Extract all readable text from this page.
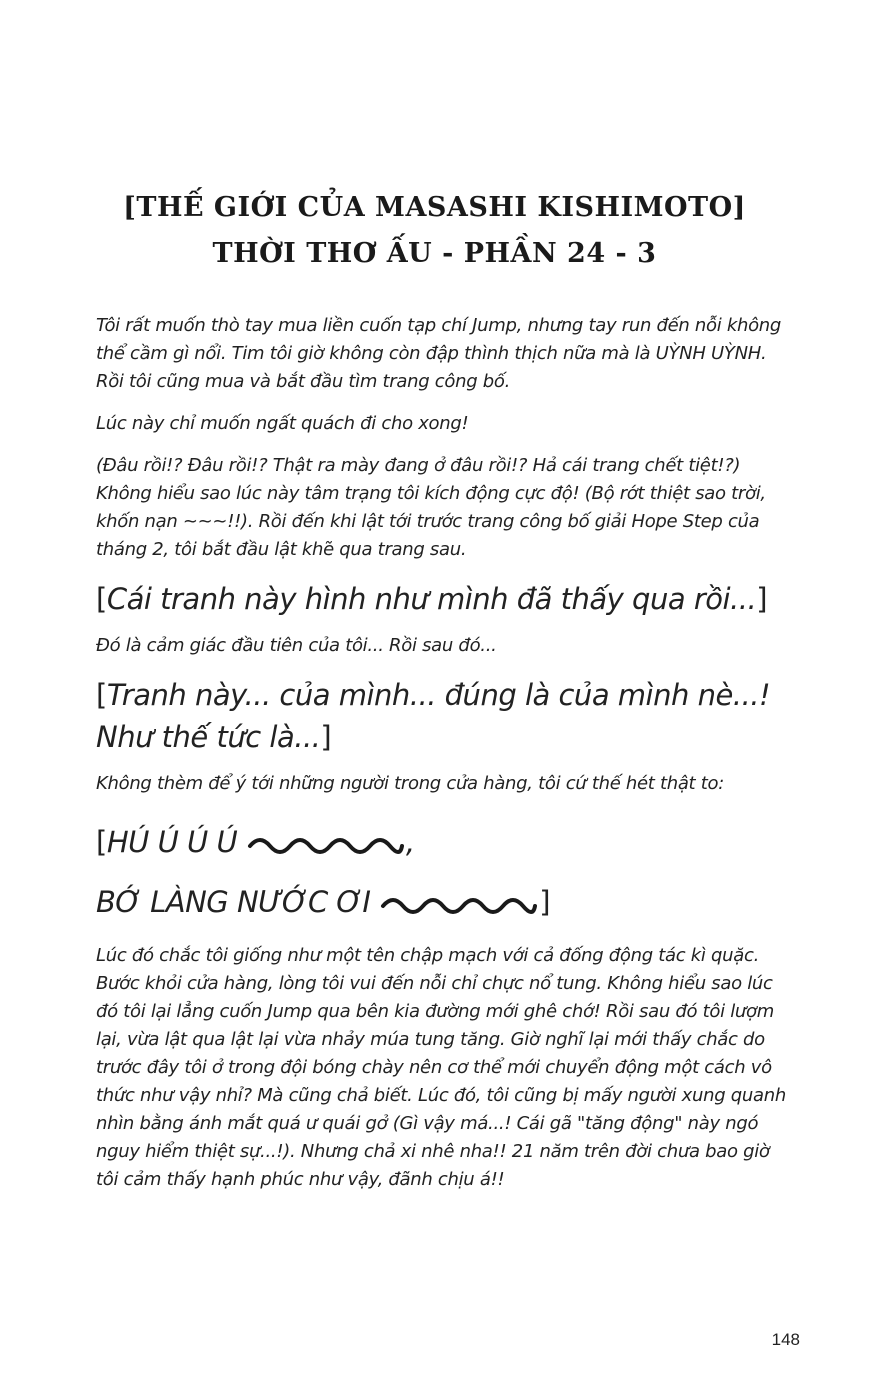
[THẾ GIỚI CỦA MASASHI KISHIMOTO]
THỜI THƠ ẤU - PHẦN 24 - 3

Tôi rất muốn thò tay mua liền cuốn tạp chí Jump, nhưng tay run đến nỗi không thể cầm gì nổi. Tim tôi giờ không còn đập thình thịch nữa mà là UỲNH UỲNH. Rồi tôi cũng mua và bắt đầu tìm trang công bố.

Lúc này chỉ muốn ngất quách đi cho xong!

(Đâu rồi!? Đâu rồi!? Thật ra mày đang ở đâu rồi!? Hả cái trang chết tiệt!?) Không hiểu sao lúc này tâm trạng tôi kích động cực độ! (Bộ rớt thiệt sao trời, khốn nạn ~~~!!). Rồi đến khi lật tới trước trang công bố giải Hope Step của tháng 2, tôi bắt đầu lật khẽ qua trang sau.

[Cái tranh này hình như mình đã thấy qua rồi...]

Đó là cảm giác đầu tiên của tôi... Rồi sau đó...

[Tranh này... của mình... đúng là của mình nè...! Như thế tức là...]

Không thèm để ý tới những người trong cửa hàng, tôi cứ thế hét thật to:

[HÚ Ú Ú Ú	,

BỚ LÀNG NƯỚC ƠI	]

Lúc đó chắc tôi giống như một tên chập mạch với cả đống động tác kì quặc. Bước khỏi cửa hàng, lòng tôi vui đến nỗi chỉ chực nổ tung. Không hiểu sao lúc đó tôi lại lẳng cuốn Jump qua bên kia đường mới ghê chớ! Rồi sau đó tôi lượm lại, vừa lật qua lật lại vừa nhảy múa tung tăng. Giờ nghĩ lại mới thấy chắc do trước đây tôi ở trong đội bóng chày nên cơ thể mới chuyển động một cách vô thức như vậy nhỉ? Mà cũng chả biết. Lúc đó, tôi cũng bị mấy người xung quanh nhìn bằng ánh mắt quá ư quái gở (Gì vậy má...! Cái gã "tăng động" này ngó nguy hiểm thiệt sự...!). Nhưng chả xi nhê nha!! 21 năm trên đời chưa bao giờ tôi cảm thấy hạnh phúc như vậy, đãnh chịu á!!

148
